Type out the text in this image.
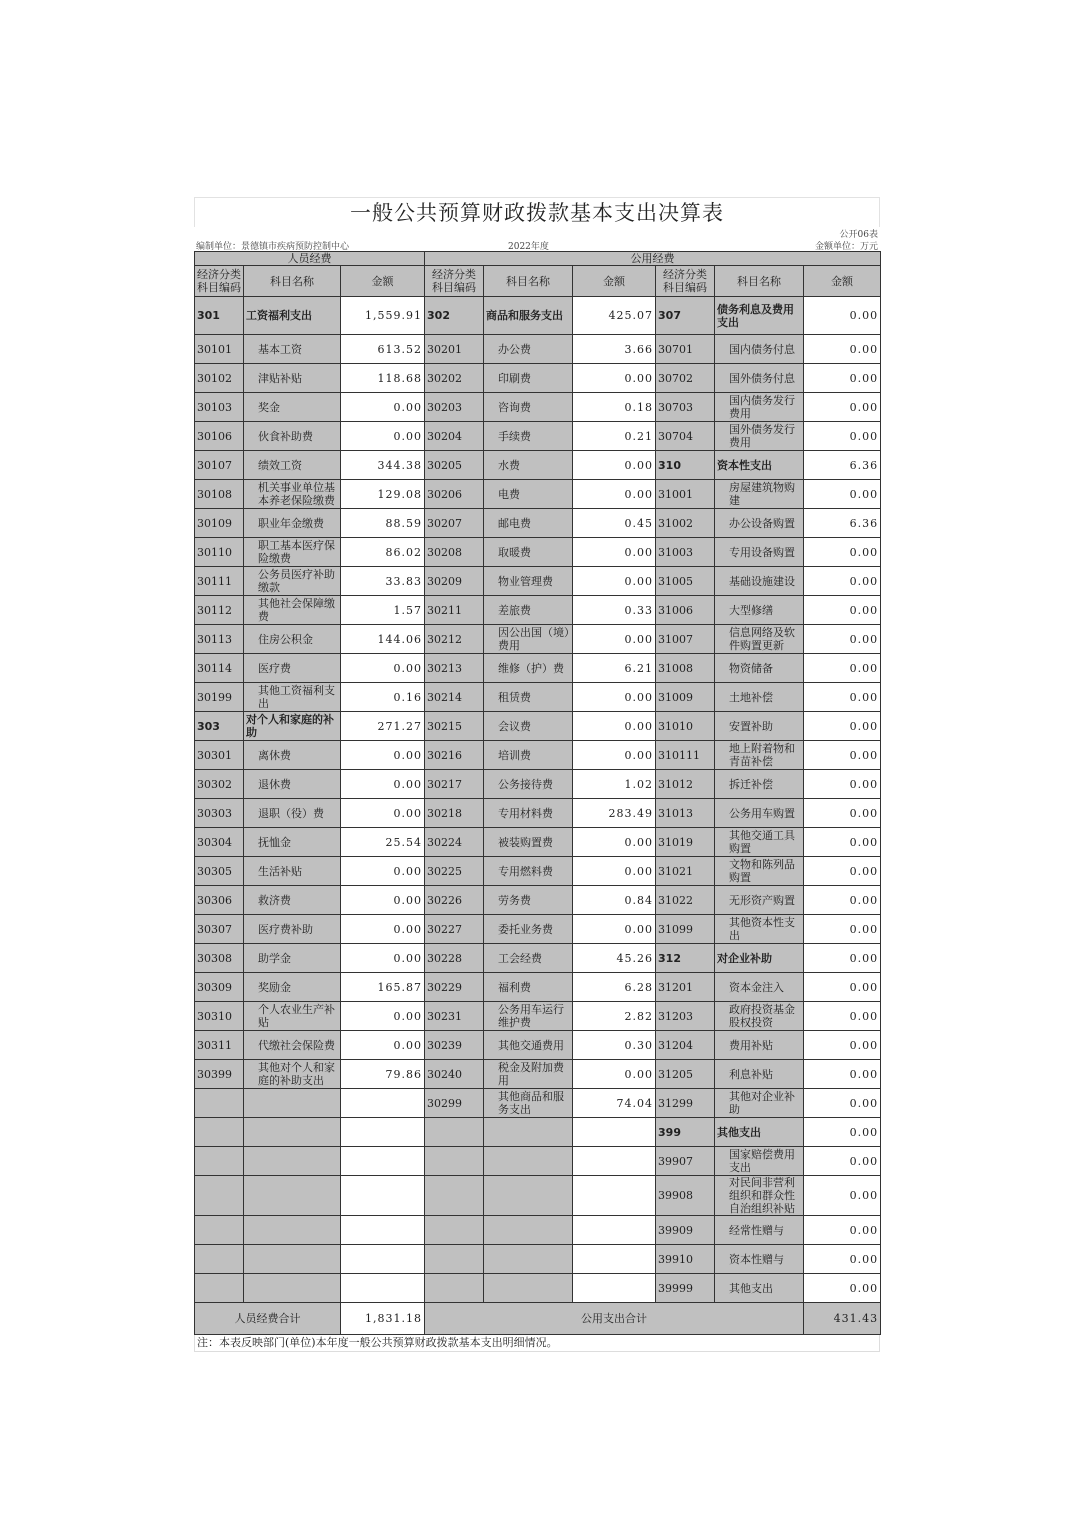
一般公共预算财政拨款基本支出决算表
公开06表
编制单位：景德镇市疾病预防控制中心	2022年度	金额单位：万元
人员经费			公用经费					
经济分类科目编码	科目名称	金额	经济分类科目编码	科目名称	金额	经济分类科目编码	科目名称	金额
301	工资福利支出	1,559.91	302	商品和服务支出	425.07	307	债务利息及费用支出	0.00
30101	基本工资	613.52	30201	办公费	3.66	30701	国内债务付息	0.00
30102	津贴补贴	118.68	30202	印刷费	0.00	30702	国外债务付息	0.00
30103	奖金	0.00	30203	咨询费	0.18	30703	国内债务发行费用	0.00
30106	伙食补助费	0.00	30204	手续费	0.21	30704	国外债务发行费用	0.00
30107	绩效工资	344.38	30205	水费	0.00	310	资本性支出	6.36
30108	机关事业单位基本养老保险缴费	129.08	30206	电费	0.00	31001	房屋建筑物购建	0.00
30109	职业年金缴费	88.59	30207	邮电费	0.45	31002	办公设备购置	6.36
30110	职工基本医疗保险缴费	86.02	30208	取暖费	0.00	31003	专用设备购置	0.00
30111	公务员医疗补助缴款	33.83	30209	物业管理费	0.00	31005	基础设施建设	0.00
30112	其他社会保障缴费	1.57	30211	差旅费	0.33	31006	大型修缮	0.00
30113	住房公积金	144.06	30212	因公出国（境）费用	0.00	31007	信息网络及软件购置更新	0.00
30114	医疗费	0.00	30213	维修（护）费	6.21	31008	物资储备	0.00
30199	其他工资福利支出	0.16	30214	租赁费	0.00	31009	土地补偿	0.00
303	对个人和家庭的补助	271.27	30215	会议费	0.00	31010	安置补助	0.00
30301	离休费	0.00	30216	培训费	0.00	310111	地上附着物和青苗补偿	0.00
30302	退休费	0.00	30217	公务接待费	1.02	31012	拆迁补偿	0.00
30303	退职（役）费	0.00	30218	专用材料费	283.49	31013	公务用车购置	0.00
30304	抚恤金	25.54	30224	被装购置费	0.00	31019	其他交通工具购置	0.00
30305	生活补贴	0.00	30225	专用燃料费	0.00	31021	文物和陈列品购置	0.00
30306	救济费	0.00	30226	劳务费	0.84	31022	无形资产购置	0.00
30307	医疗费补助	0.00	30227	委托业务费	0.00	31099	其他资本性支出	0.00
30308	助学金	0.00	30228	工会经费	45.26	312	对企业补助	0.00
30309	奖励金	165.87	30229	福利费	6.28	31201	资本金注入	0.00
30310	个人农业生产补贴	0.00	30231	公务用车运行维护费	2.82	31203	政府投资基金股权投资	0.00
30311	代缴社会保险费	0.00	30239	其他交通费用	0.30	31204	费用补贴	0.00
30399	其他对个人和家庭的补助支出	79.86	30240	税金及附加费用	0.00	31205	利息补贴	0.00
			30299	其他商品和服务支出	74.04	31299	其他对企业补助	0.00
						399	其他支出	0.00
						39907	国家赔偿费用支出	0.00
						39908	对民间非营利组织和群众性自治组织补贴	0.00
						39909	经常性赠与	0.00
						39910	资本性赠与	0.00
						39999	其他支出	0.00
人员经费合计		1,831.18	公用支出合计					431.43
注：本表反映部门(单位)本年度一般公共预算财政拨款基本支出明细情况。
